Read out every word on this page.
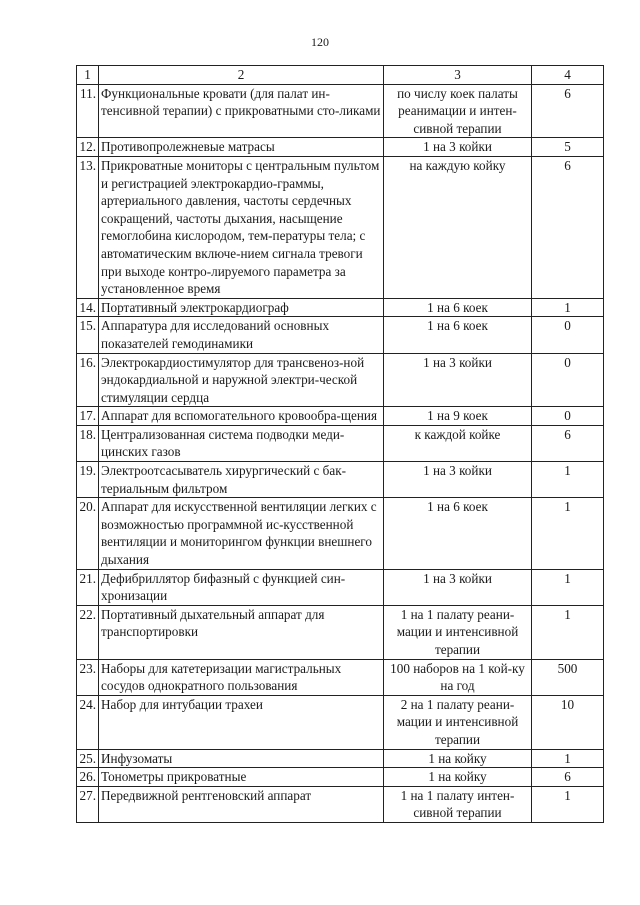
120
1	2	3	4
11.	Функциональные кровати (для палат ин-тенсивной терапии) с прикроватными сто-ликами	по числу коек палаты реанимации и интен-сивной терапии	6
12.	Противопролежневые матрасы	1 на 3 койки	5
13.	Прикроватные мониторы с центральным пультом и регистрацией электрокардио-граммы, артериального давления, частоты сердечных сокращений, частоты дыхания, насыщение гемоглобина кислородом, тем-пературы тела; с автоматическим включе-нием сигнала тревоги при выходе контро-лируемого параметра за установленное время	на каждую койку	6
14.	Портативный электрокардиограф	1 на 6 коек	1
15.	Аппаратура для исследований основных показателей гемодинамики	1 на 6 коек	0
16.	Электрокардиостимулятор для трансвеноз-ной эндокардиальной и наружной электри-ческой стимуляции сердца	1 на 3 койки	0
17.	Аппарат для вспомогательного кровообра-щения	1 на 9 коек	0
18.	Централизованная система подводки меди-цинских газов	к каждой койке	6
19.	Электроотсасыватель хирургический с бак-териальным фильтром	1 на 3 койки	1
20.	Аппарат для искусственной вентиляции легких с возможностью программной ис-кусственной вентиляции и мониторингом функции внешнего дыхания	1 на 6 коек	1
21.	Дефибриллятор бифазный с функцией син-хронизации	1 на 3 койки	1
22.	Портативный дыхательный аппарат для транспортировки	1 на 1 палату реани-мации и интенсивной терапии	1
23.	Наборы для катетеризации магистральных сосудов однократного пользования	100 наборов на 1 кой-ку на год	500
24.	Набор для интубации трахеи	2 на 1 палату реани-мации и интенсивной терапии	10
25.	Инфузоматы	1 на койку	1
26.	Тонометры прикроватные	1 на койку	6
27.	Передвижной рентгеновский аппарат	1 на 1 палату интен-сивной терапии	1
